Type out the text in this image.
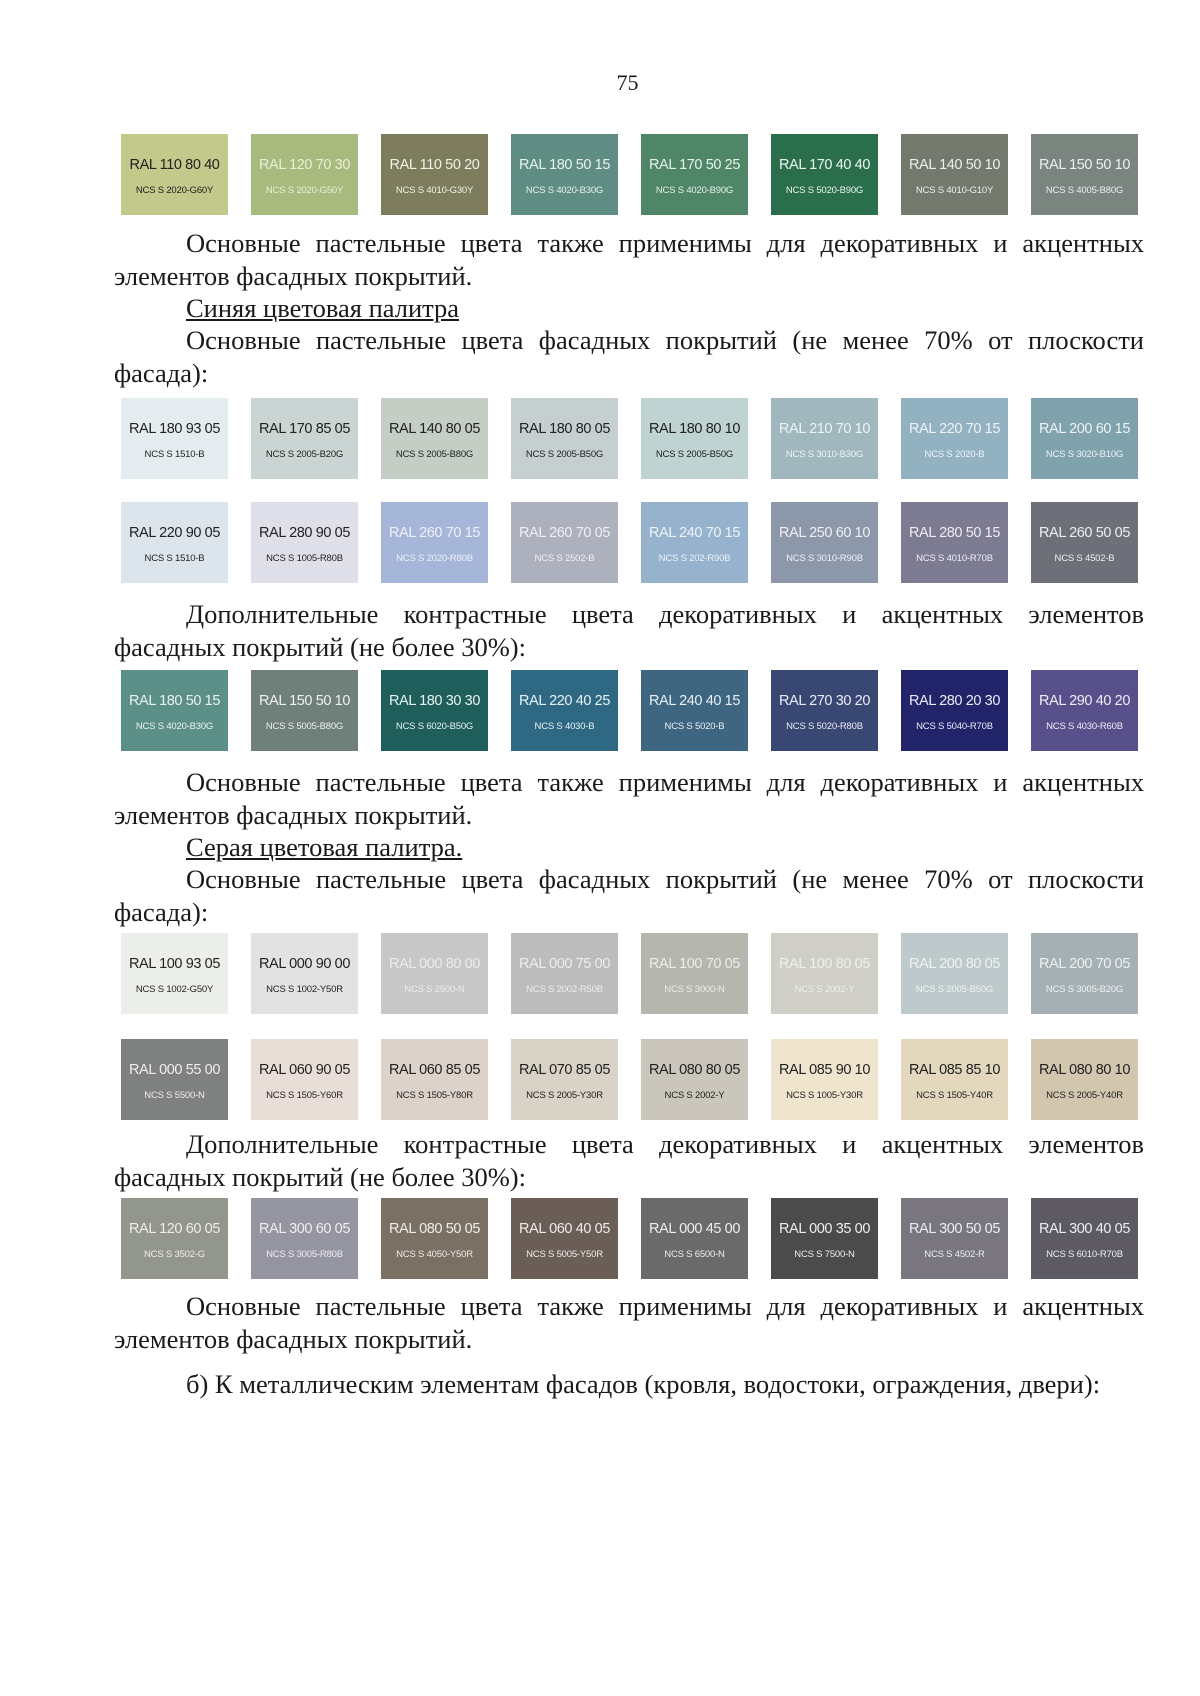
75
RAL 110 80 40
NCS S 2020-G60Y
RAL 120 70 30
NCS S 2020-G50Y
RAL 110 50 20
NCS S 4010-G30Y
RAL 180 50 15
NCS S 4020-B30G
RAL 170 50 25
NCS S 4020-B90G
RAL 170 40 40
NCS S 5020-B90G
RAL 140 50 10
NCS S 4010-G10Y
RAL 150 50 10
NCS S 4005-B80G

Основные пастельные цвета также применимы для декоративных и акцентных элементов фасадных покрытий.

Синяя цветовая палитра

Основные пастельные цвета фасадных покрытий (не менее 70% от плоскости фасада):

RAL 180 93 05
NCS S 1510-B
RAL 170 85 05
NCS S 2005-B20G
RAL 140 80 05
NCS S 2005-B80G
RAL 180 80 05
NCS S 2005-B50G
RAL 180 80 10
NCS S 2005-B50G
RAL 210 70 10
NCS S 3010-B30G
RAL 220 70 15
NCS S 2020-B
RAL 200 60 15
NCS S 3020-B10G
RAL 220 90 05
NCS S 1510-B
RAL 280 90 05
NCS S 1005-R80B
RAL 260 70 15
NCS S 2020-R80B
RAL 260 70 05
NCS S 2502-B
RAL 240 70 15
NCS S 202-R90B
RAL 250 60 10
NCS S 3010-R90B
RAL 280 50 15
NCS S 4010-R70B
RAL 260 50 05
NCS S 4502-B

Дополнительные контрастные цвета декоративных и акцентных элементов фасадных покрытий (не более 30%):

RAL 180 50 15
NCS S 4020-B30G
RAL 150 50 10
NCS S 5005-B80G
RAL 180 30 30
NCS S 6020-B50G
RAL 220 40 25
NCS S 4030-B
RAL 240 40 15
NCS S 5020-B
RAL 270 30 20
NCS S 5020-R80B
RAL 280 20 30
NCS S 5040-R70B
RAL 290 40 20
NCS S 4030-R60B

Основные пастельные цвета также применимы для декоративных и акцентных элементов фасадных покрытий.

Серая цветовая палитра.

Основные пастельные цвета фасадных покрытий (не менее 70% от плоскости фасада):

RAL 100 93 05
NCS S 1002-G50Y
RAL 000 90 00
NCS S 1002-Y50R
RAL 000 80 00
NCS S 2500-N
RAL 000 75 00
NCS S 2002-R50B
RAL 100 70 05
NCS S 3000-N
RAL 100 80 05
NCS S 2002-Y
RAL 200 80 05
NCS S 2005-B50G
RAL 200 70 05
NCS S 3005-B20G
RAL 000 55 00
NCS S 5500-N
RAL 060 90 05
NCS S 1505-Y60R
RAL 060 85 05
NCS S 1505-Y80R
RAL 070 85 05
NCS S 2005-Y30R
RAL 080 80 05
NCS S 2002-Y
RAL 085 90 10
NCS S 1005-Y30R
RAL 085 85 10
NCS S 1505-Y40R
RAL 080 80 10
NCS S 2005-Y40R

Дополнительные контрастные цвета декоративных и акцентных элементов фасадных покрытий (не более 30%):

RAL 120 60 05
NCS S 3502-G
RAL 300 60 05
NCS S 3005-R80B
RAL 080 50 05
NCS S 4050-Y50R
RAL 060 40 05
NCS S 5005-Y50R
RAL 000 45 00
NCS S 6500-N
RAL 000 35 00
NCS S 7500-N
RAL 300 50 05
NCS S 4502-R
RAL 300 40 05
NCS S 6010-R70B

Основные пастельные цвета также применимы для декоративных и акцентных элементов фасадных покрытий.

б) К металлическим элементам фасадов (кровля, водостоки, ограждения, двери):
